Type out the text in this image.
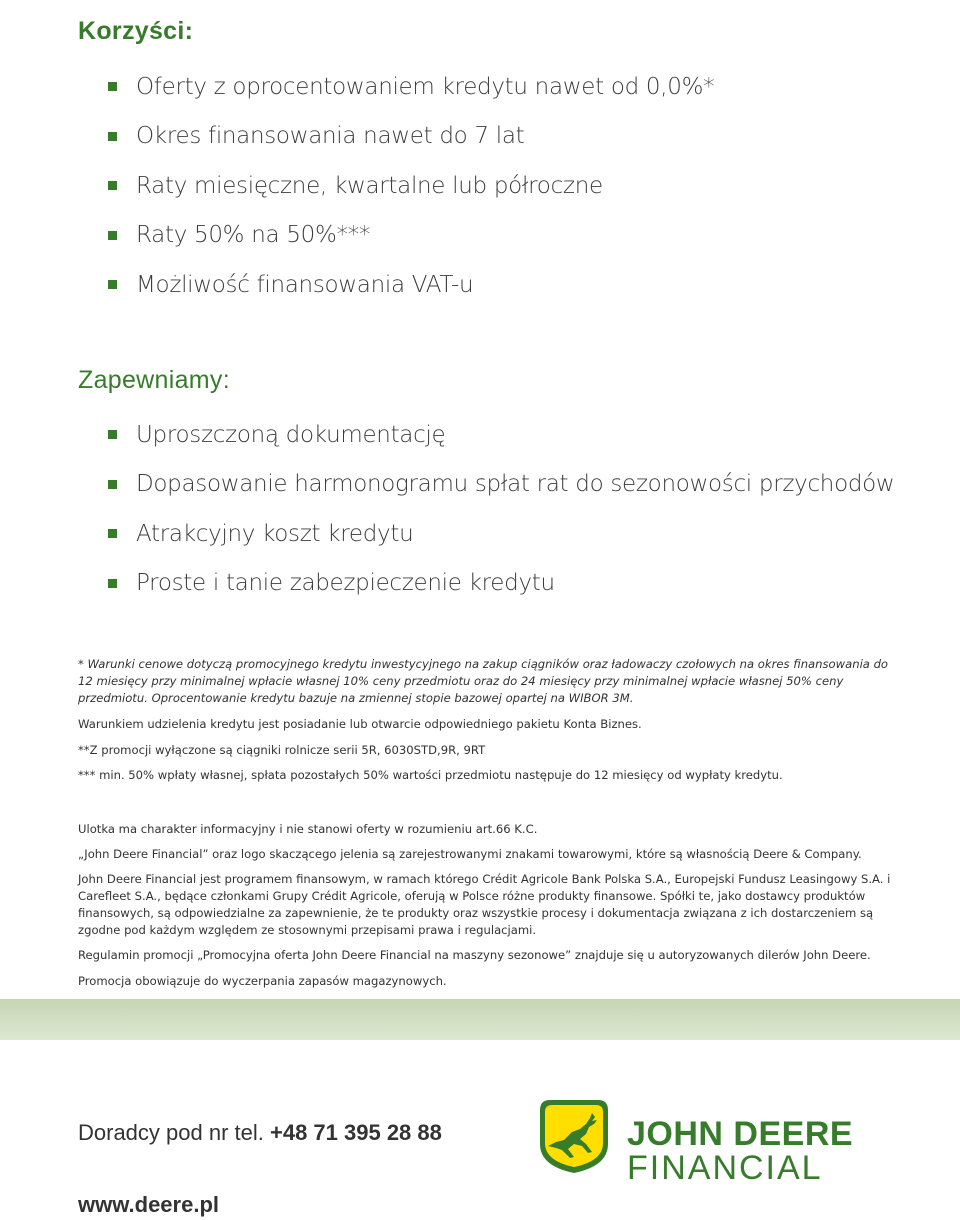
Korzyści:
Oferty z oprocentowaniem kredytu nawet od 0,0%*
Okres finansowania nawet do 7 lat
Raty miesięczne, kwartalne lub półroczne
Raty 50% na 50%***
Możliwość finansowania VAT-u
Zapewniamy:
Uproszczoną dokumentację
Dopasowanie harmonogramu spłat rat do sezonowości przychodów
Atrakcyjny koszt kredytu
Proste i tanie zabezpieczenie kredytu

* Warunki cenowe dotyczą promocyjnego kredytu inwestycyjnego na zakup ciągników oraz ładowaczy czołowych na okres finansowania do 12 miesięcy przy minimalnej wpłacie własnej 10% ceny przedmiotu oraz do 24 miesięcy przy minimalnej wpłacie własnej 50% ceny przedmiotu. Oprocentowanie kredytu bazuje na zmiennej stopie bazowej opartej na WIBOR 3M.

Warunkiem udzielenia kredytu jest posiadanie lub otwarcie odpowiedniego pakietu Konta Biznes.

**Z promocji wyłączone są ciągniki rolnicze serii 5R, 6030STD,9R, 9RT

*** min. 50% wpłaty własnej, spłata pozostałych 50% wartości przedmiotu następuje do 12 miesięcy od wypłaty kredytu.

Ulotka ma charakter informacyjny i nie stanowi oferty w rozumieniu art.66 K.C.

„John Deere Financial” oraz logo skaczącego jelenia są zarejestrowanymi znakami towarowymi, które są własnością Deere & Company.

John Deere Financial jest programem finansowym, w ramach którego Crédit Agricole Bank Polska S.A., Europejski Fundusz Leasingowy S.A. i Carefleet S.A., będące członkami Grupy Crédit Agricole, oferują w Polsce różne produkty finansowe. Spółki te, jako dostawcy produktów finansowych, są odpowiedzialne za zapewnienie, że te produkty oraz wszystkie procesy i dokumentacja związana z ich dostarczeniem są zgodne pod każdym względem ze stosownymi przepisami prawa i regulacjami.

Regulamin promocji „Promocyjna oferta John Deere Financial na maszyny sezonowe” znajduje się u autoryzowanych dilerów John Deere.

Promocja obowiązuje do wyczerpania zapasów magazynowych.

Doradcy pod nr tel. +48 71 395 28 88
www.deere.pl
JOHN DEERE
FINANCIAL
